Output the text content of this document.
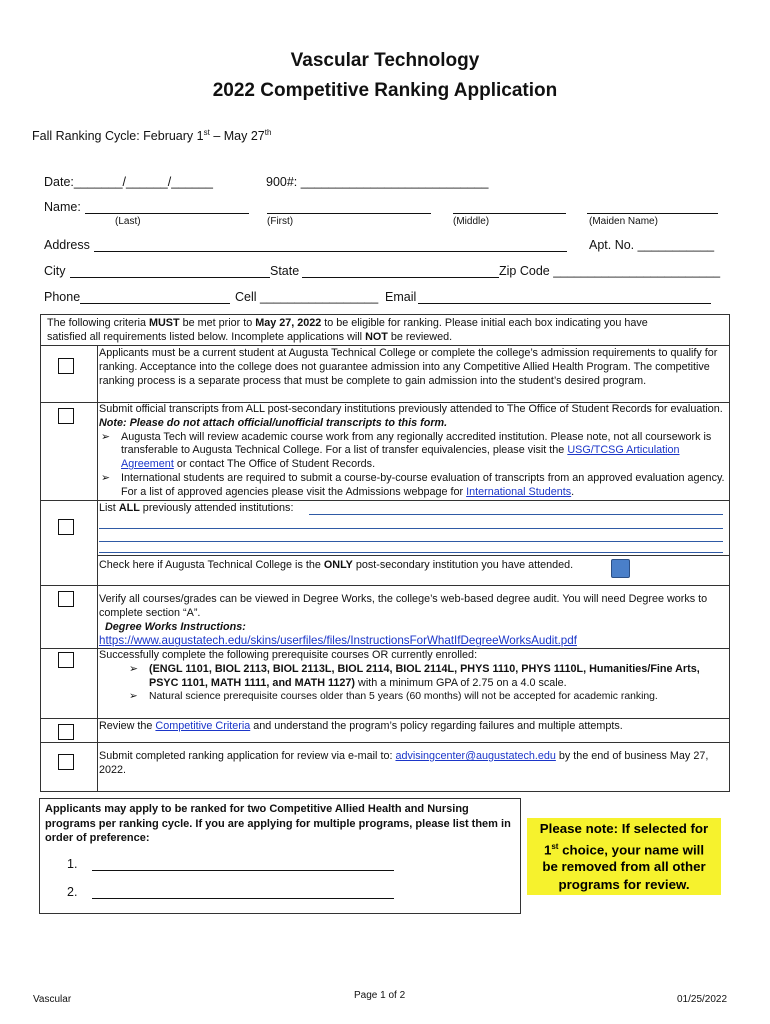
Vascular Technology
2022 Competitive Ranking Application
Fall Ranking Cycle: February 1st – May 27th
Date:_______/______/______	900#: ___________________________
Name:
(Last)	(First)	(Middle)	(Maiden Name)
Address	Apt. No. ___________
City	State	Zip Code ________________________
Phone	Cell _________________ Email
The following criteria MUST be met prior to May 27, 2022 to be eligible for ranking. Please initial each box indicating you have
satisfied all requirements listed below. Incomplete applications will NOT be reviewed.
Applicants must be a current student at Augusta Technical College or complete the college’s admission requirements to qualify for ranking. Acceptance into the college does not guarantee admission into any Competitive Allied Health Program. The competitive ranking process is a separate process that must be complete to gain admission into the student’s desired program.
Submit official transcripts from ALL post-secondary institutions previously attended to The Office of Student Records for evaluation. Note: Please do not attach official/unofficial transcripts to this form.
➢ Augusta Tech will review academic course work from any regionally accredited institution. Please note, not all coursework is transferable to Augusta Technical College. For a list of transfer equivalencies, please visit the USG/TCSG Articulation Agreement or contact The Office of Student Records.
➢ International students are required to submit a course-by-course evaluation of transcripts from an approved evaluation agency. For a list of approved agencies please visit the Admissions webpage for International Students.
List ALL previously attended institutions:
Check here if Augusta Technical College is the ONLY post-secondary institution you have attended.
Verify all courses/grades can be viewed in Degree Works, the college’s web-based degree audit. You will need Degree works to complete section “A”.
Degree Works Instructions:
https://www.augustatech.edu/skins/userfiles/files/InstructionsForWhatIfDegreeWorksAudit.pdf
Successfully complete the following prerequisite courses OR currently enrolled:
➢ (ENGL 1101, BIOL 2113, BIOL 2113L, BIOL 2114, BIOL 2114L, PHYS 1110, PHYS 1110L, Humanities/Fine Arts, PSYC 1101, MATH 1111, and MATH 1127) with a minimum GPA of 2.75 on a 4.0 scale.
➢ Natural science prerequisite courses older than 5 years (60 months) will not be accepted for academic ranking.
Review the Competitive Criteria and understand the program’s policy regarding failures and multiple attempts.
Submit completed ranking application for review via e-mail to: advisingcenter@augustatech.edu by the end of business May 27, 2022.
Applicants may apply to be ranked for two Competitive Allied Health and Nursing programs per ranking cycle. If you are applying for multiple programs, please list them in order of preference:
1.
2.
Please note: If selected for
1st choice, your name will
be removed from all other
programs for review.
Vascular	Page 1 of 2	01/25/2022
